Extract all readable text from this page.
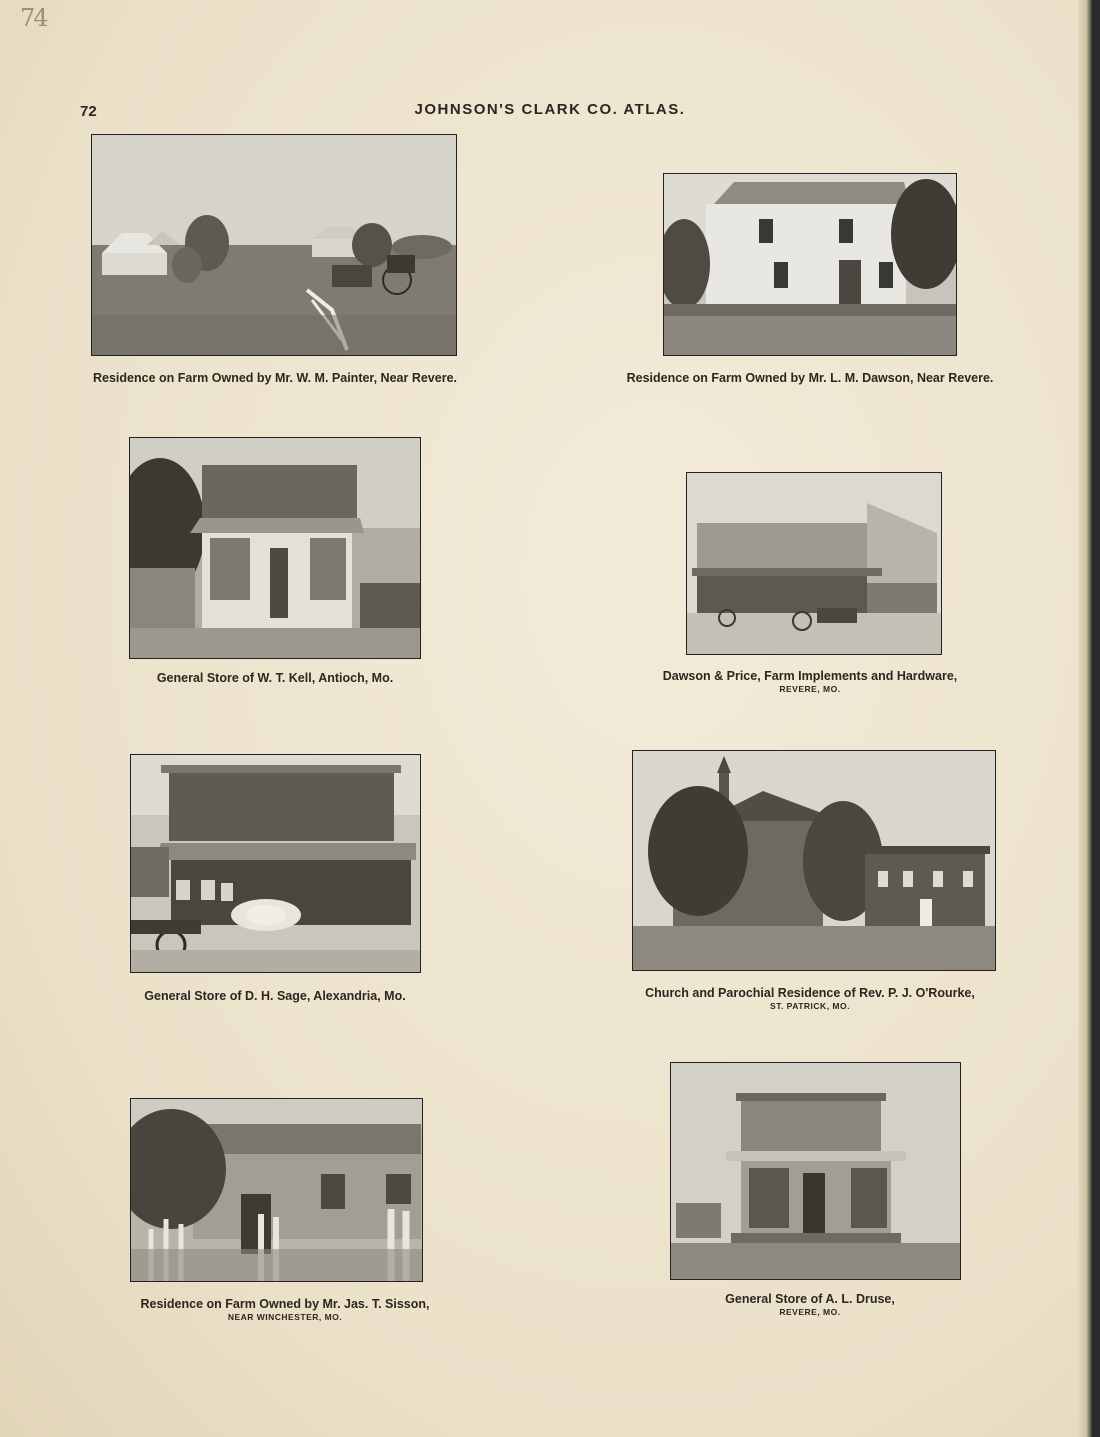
74
72	JOHNSON'S CLARK CO. ATLAS.
Residence on Farm Owned by Mr. W. M. Painter, Near Revere.	Residence on Farm Owned by Mr. L. M. Dawson, Near Revere.
General Store of W. T. Kell, Antioch, Mo.	Dawson & Price, Farm Implements and Hardware,
REVERE, MO.
General Store of D. H. Sage, Alexandria, Mo.	Church and Parochial Residence of Rev. P. J. O'Rourke,
ST. PATRICK, MO.
Residence on Farm Owned by Mr. Jas. T. Sisson,
NEAR WINCHESTER, MO.
General Store of A. L. Druse,
REVERE, MO.
